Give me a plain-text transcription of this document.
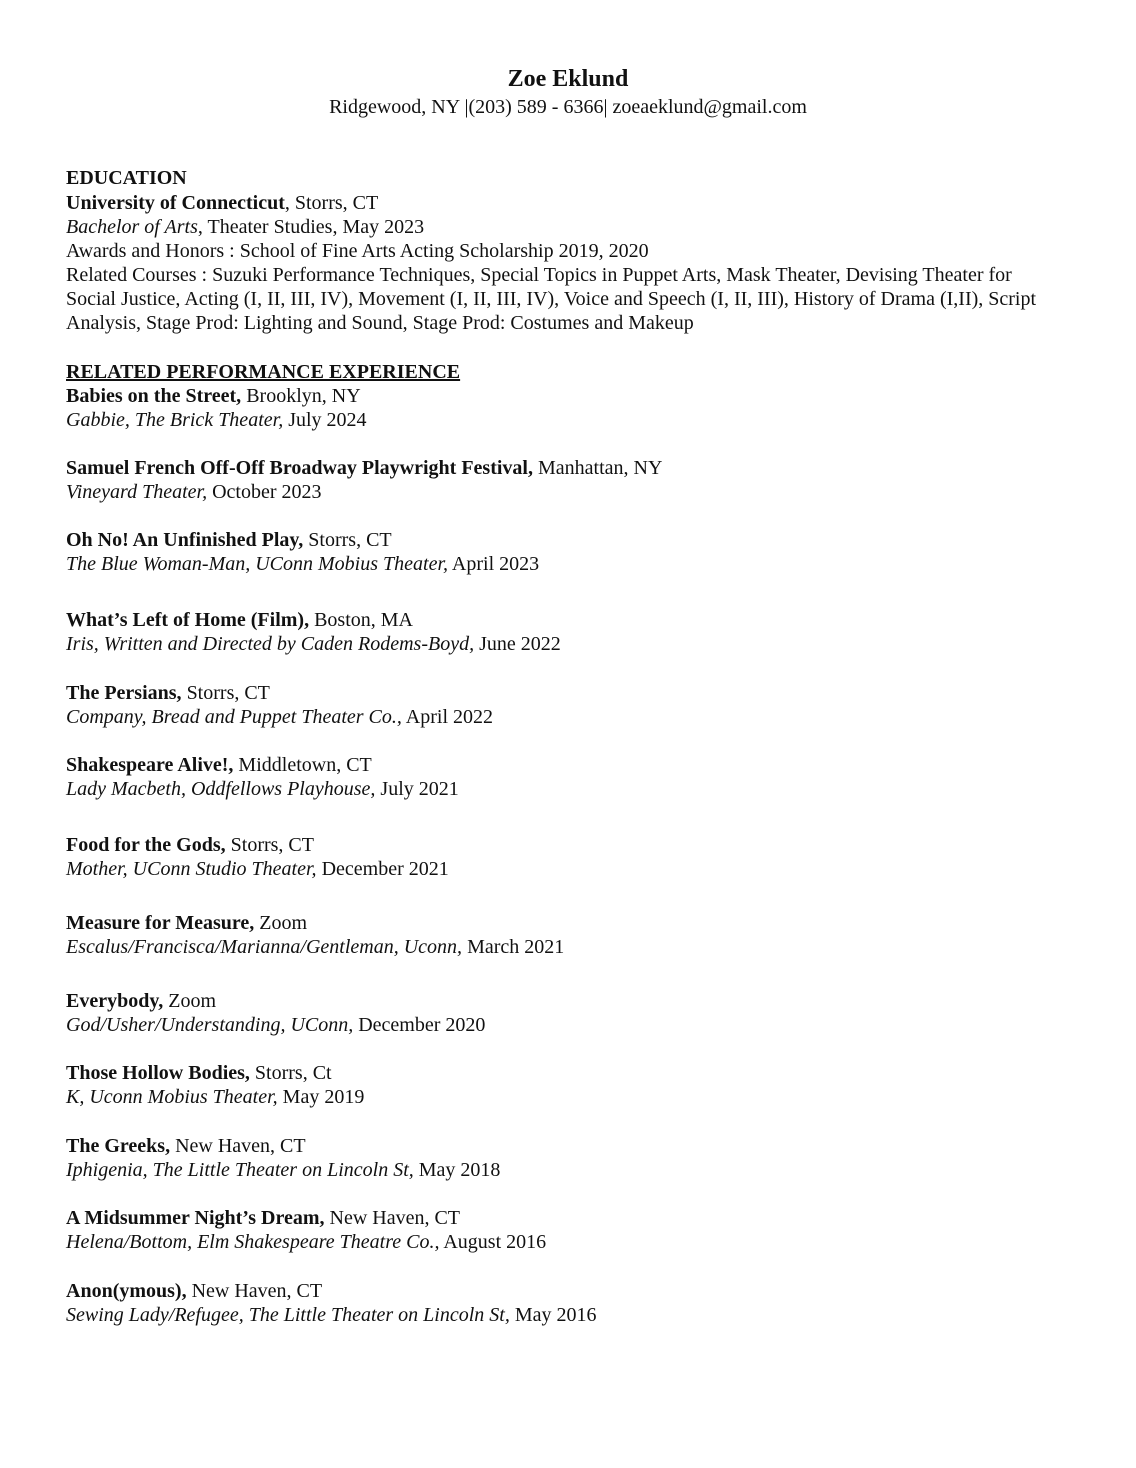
Zoe Eklund
Ridgewood, NY |(203) 589 - 6366| zoeaeklund@gmail.com
EDUCATION
University of Connecticut, Storrs, CT
Bachelor of Arts, Theater Studies, May 2023
Awards and Honors : School of Fine Arts Acting Scholarship 2019, 2020
Related Courses : Suzuki Performance Techniques, Special Topics in Puppet Arts, Mask Theater, Devising Theater for Social Justice, Acting (I, II, III, IV), Movement (I, II, III, IV), Voice and Speech (I, II, III), History of Drama (I,II), Script Analysis, Stage Prod: Lighting and Sound, Stage Prod: Costumes and Makeup
RELATED PERFORMANCE EXPERIENCE
Babies on the Street, Brooklyn, NY
Gabbie, The Brick Theater, July 2024
Samuel French Off-Off Broadway Playwright Festival, Manhattan, NY
Vineyard Theater, October 2023
Oh No! An Unfinished Play, Storrs, CT
The Blue Woman-Man, UConn Mobius Theater, April 2023
What’s Left of Home (Film), Boston, MA
Iris, Written and Directed by Caden Rodems-Boyd, June 2022
The Persians, Storrs, CT
Company, Bread and Puppet Theater Co., April 2022
Shakespeare Alive!, Middletown, CT
Lady Macbeth, Oddfellows Playhouse, July 2021
Food for the Gods, Storrs, CT
Mother, UConn Studio Theater, December 2021
Measure for Measure, Zoom
Escalus/Francisca/Marianna/Gentleman, Uconn, March 2021
Everybody, Zoom
God/Usher/Understanding, UConn, December 2020
Those Hollow Bodies, Storrs, Ct
K, Uconn Mobius Theater, May 2019
The Greeks, New Haven, CT
Iphigenia, The Little Theater on Lincoln St, May 2018
A Midsummer Night’s Dream, New Haven, CT
Helena/Bottom, Elm Shakespeare Theatre Co., August 2016
Anon(ymous), New Haven, CT
Sewing Lady/Refugee, The Little Theater on Lincoln St, May 2016
